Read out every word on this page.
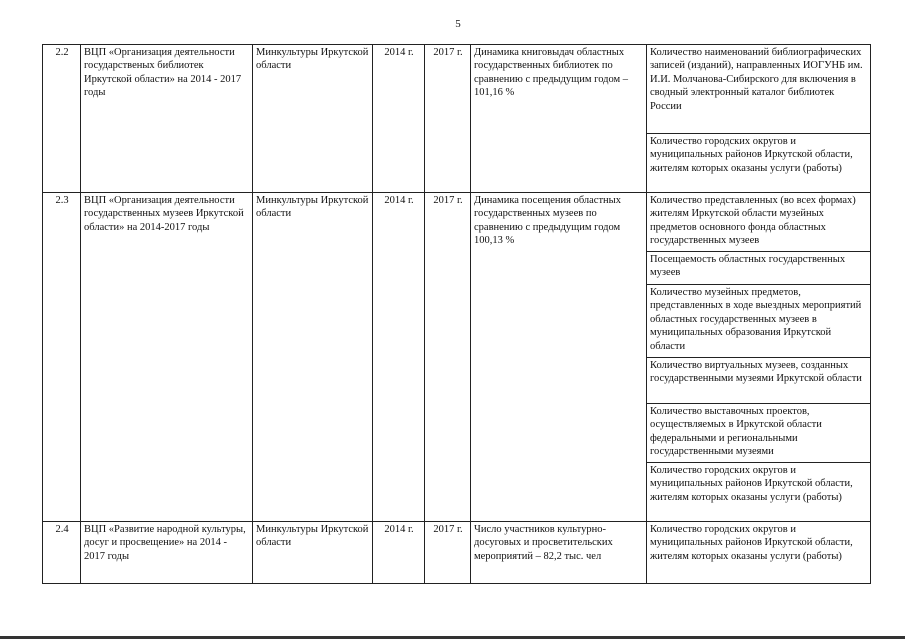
5
2.2	ВЦП «Организация деятельности государственых библиотек Иркутской области» на 2014 - 2017 годы	Минкультуры Иркутской области	2014 г.	2017 г.	Динамика книговыдач областных государственных библиотек по сравнению с предыдущим годом – 101,16 %	Количество наименований библиографических записей (изданий), направленных ИОГУНБ им. И.И. Молчанова-Сибирского для включения в сводный электронный каталог библиотек России
						Количество городских округов и муниципальных районов Иркутской области, жителям которых оказаны услуги (работы)
2.3	ВЦП «Организация деятельности государственных музеев Иркутской области» на 2014-2017 годы	Минкультуры Иркутской области	2014 г.	2017 г.	Динамика посещения областных государственных музеев по сравнению с предыдущим годом 100,13 %	Количество представленных (во всех формах) жителям Иркутской области музейных предметов основного фонда областных государственных музеев
						Посещаемость областных государственных музеев
						Количество музейных предметов, представленных в ходе выездных мероприятий областных государственных музеев в муниципальных образования Иркутской области
						Количество виртуальных музеев, созданных государственными музеями Иркутской области
						Количество выставочных проектов, осуществляемых в Иркутской области федеральными и региональными государственными музеями
						Количество городских округов и муниципальных районов Иркутской области, жителям которых оказаны услуги (работы)
2.4	ВЦП «Развитие народной культуры, досуг и просвещение» на 2014 - 2017 годы	Минкультуры Иркутской области	2014 г.	2017 г.	Число участников культурно-досуговых и просветительских мероприятий – 82,2 тыс. чел	Количество городских округов и муниципальных районов Иркутской области, жителям которых оказаны услуги (работы)
